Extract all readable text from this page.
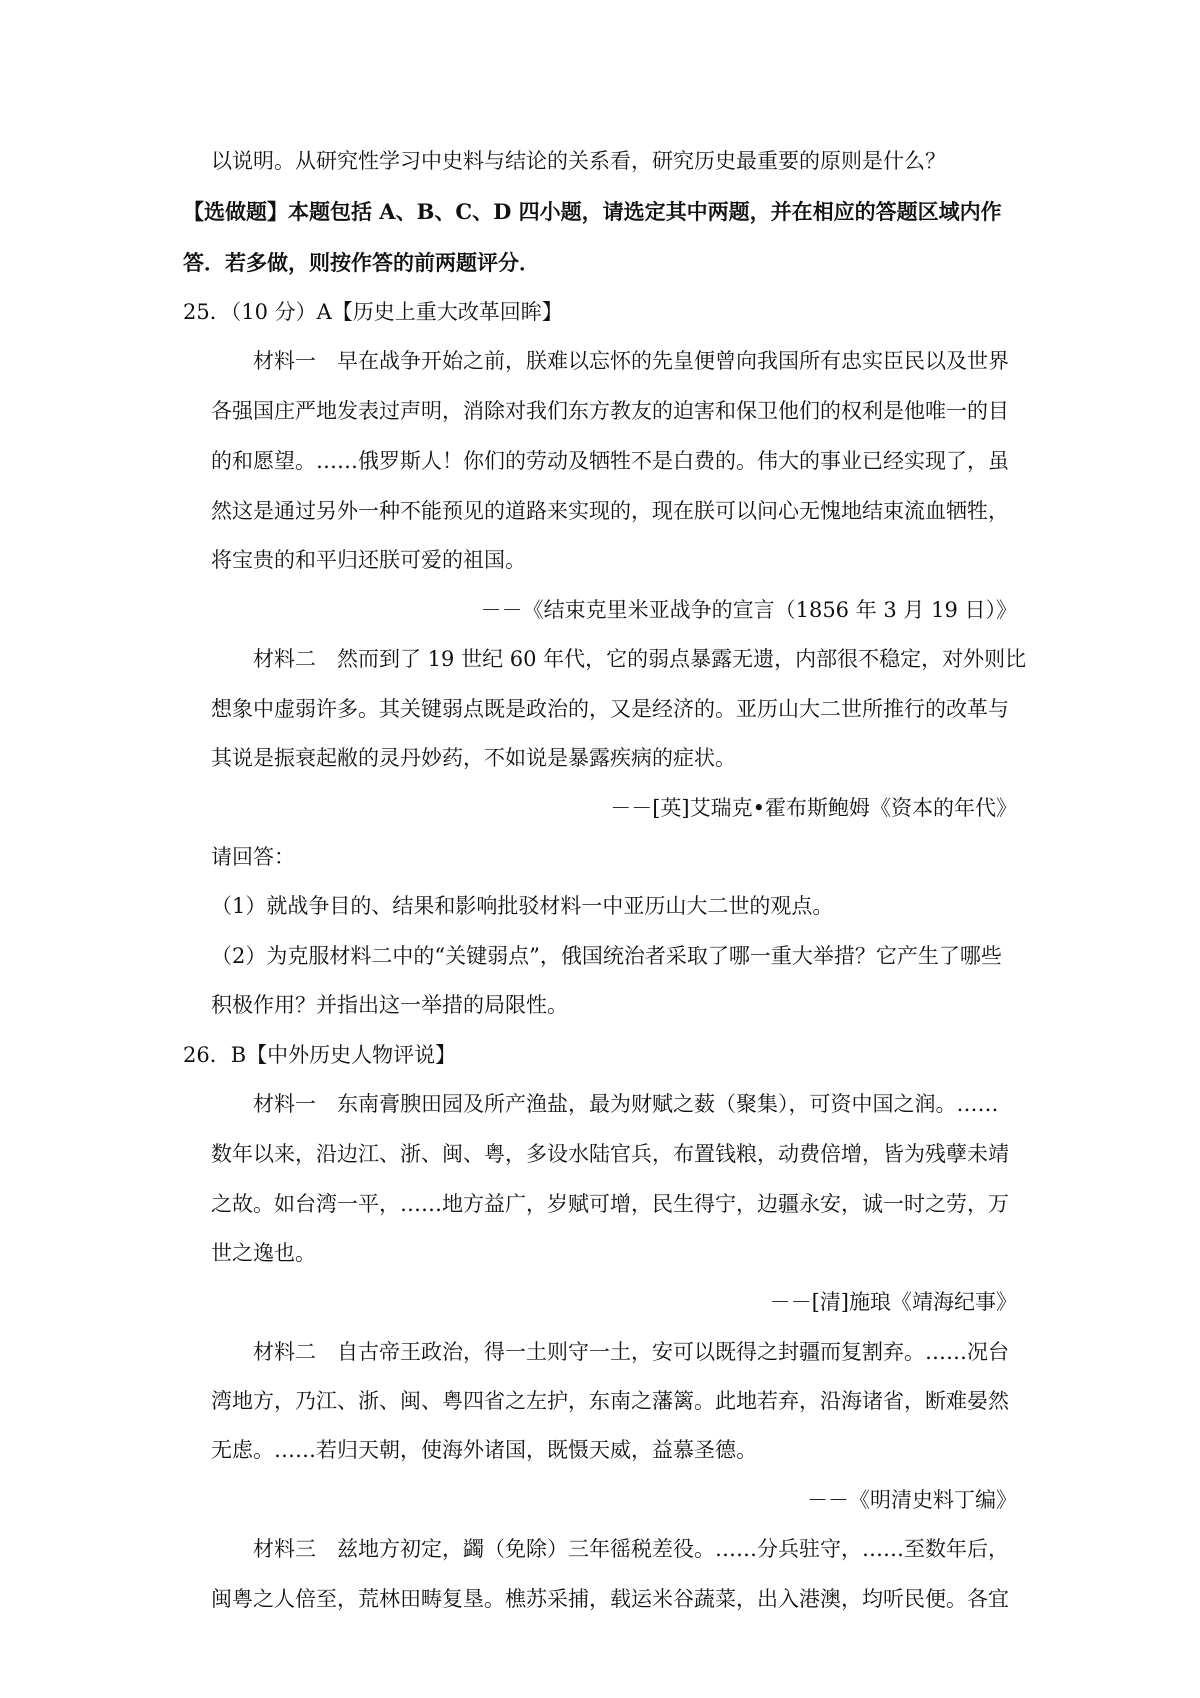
以说明。从研究性学习中史料与结论的关系看，研究历史最重要的原则是什么？
【选做题】本题包括 A、B、C、D 四小题，请选定其中两题，并在相应的答题区域内作
答．若多做，则按作答的前两题评分．
25．（10 分）A【历史上重大改革回眸】
材料一　早在战争开始之前，朕难以忘怀的先皇便曾向我国所有忠实臣民以及世界
各强国庄严地发表过声明，消除对我们东方教友的迫害和保卫他们的权利是他唯一的目
的和愿望。……俄罗斯人！你们的劳动及牺牲不是白费的。伟大的事业已经实现了，虽
然这是通过另外一种不能预见的道路来实现的，现在朕可以问心无愧地结束流血牺牲，
将宝贵的和平归还朕可爱的祖国。
－－《结束克里米亚战争的宣言（1856 年 3 月 19 日）》
材料二　然而到了 19 世纪 60 年代，它的弱点暴露无遗，内部很不稳定，对外则比
想象中虚弱许多。其关键弱点既是政治的，又是经济的。亚历山大二世所推行的改革与
其说是振衰起敝的灵丹妙药，不如说是暴露疾病的症状。
－－[英]艾瑞克•霍布斯鲍姆《资本的年代》
请回答：
（1）就战争目的、结果和影响批驳材料一中亚历山大二世的观点。
（2）为克服材料二中的“关键弱点”，俄国统治者采取了哪一重大举措？它产生了哪些
积极作用？并指出这一举措的局限性。
26．B【中外历史人物评说】
材料一　东南膏腴田园及所产渔盐，最为财赋之薮（聚集），可资中国之润。……
数年以来，沿边江、浙、闽、粤，多设水陆官兵，布置钱粮，动费倍增，皆为残孽未靖
之故。如台湾一平，……地方益广，岁赋可增，民生得宁，边疆永安，诚一时之劳，万
世之逸也。
－－[清]施琅《靖海纪事》
材料二　自古帝王政治，得一土则守一土，安可以既得之封疆而复割弃。……况台
湾地方，乃江、浙、闽、粤四省之左护，东南之藩篱。此地若弃，沿海诸省，断难晏然
无虑。……若归天朝，使海外诸国，既慑天威，益慕圣德。
－－《明清史料丁编》
材料三　兹地方初定，蠲（免除）三年徭税差役。……分兵驻守，……至数年后，
闽粤之人倍至，荒林田畴复垦。樵苏采捕，载运米谷蔬菜，出入港澳，均听民便。各宜
